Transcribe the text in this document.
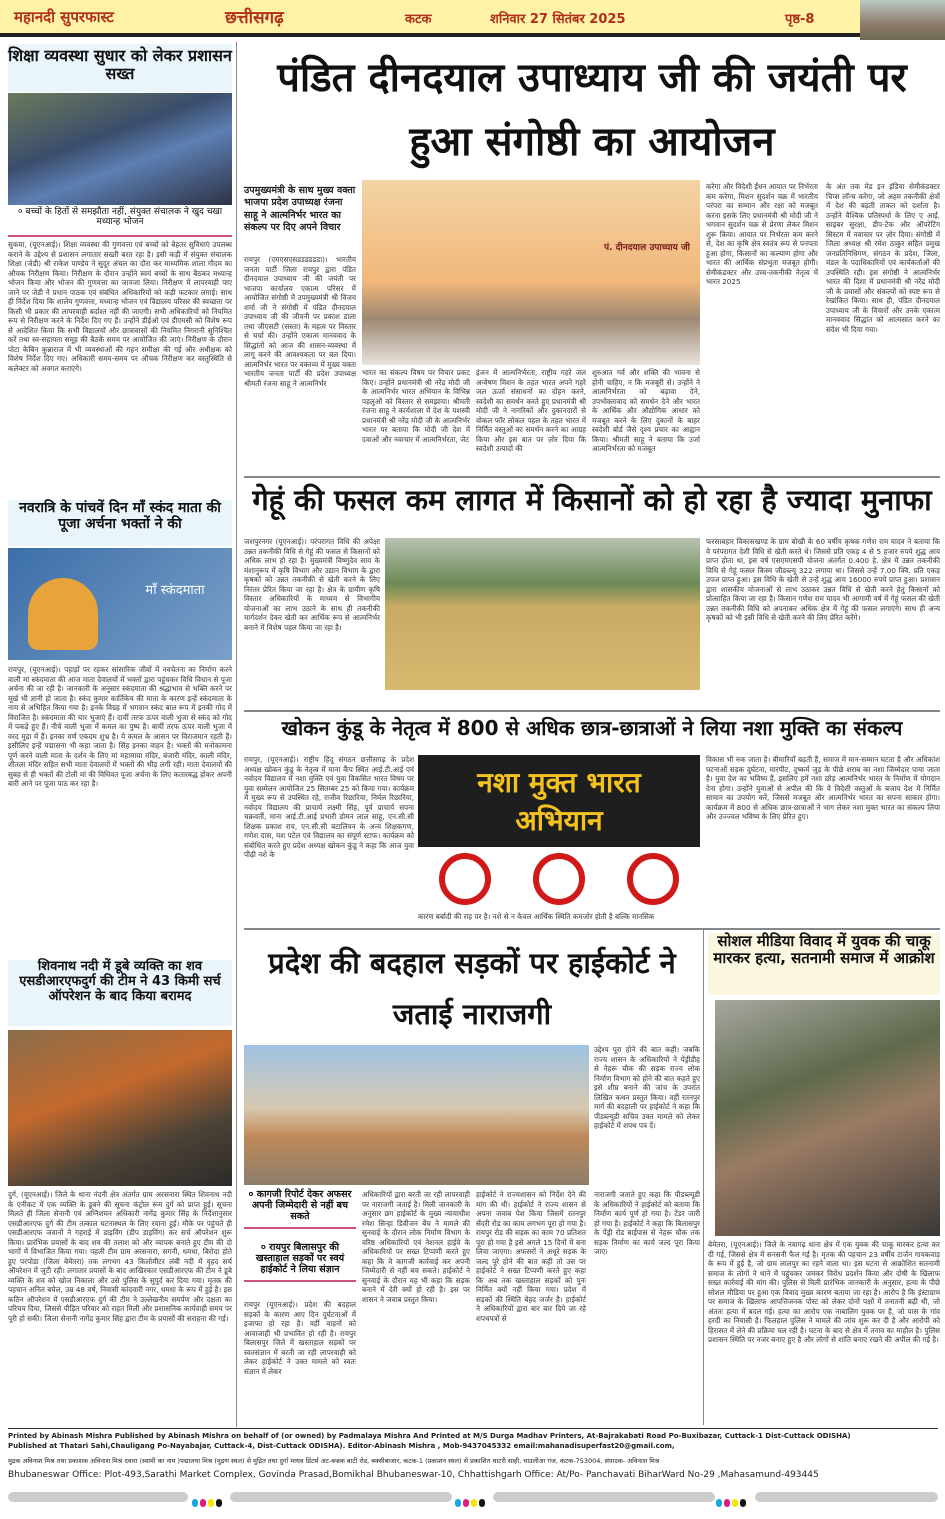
महानदी सुपरफास्ट	छत्तीसगढ़	कटक	शनिवार 27 सितंबर 2025	पृष्ठ-8
शिक्षा व्यवस्था सुधार को लेकर प्रशासन सख्त
० बच्चों के हितों से समझौता नहीं, संयुक्त संचालक ने खुद चखा मध्यान्ह भोजन
सुकमा, (यूएनआई)। शिक्षा व्यवस्था की गुणवत्ता एवं बच्चों को बेहतर सुविधाएं उपलब्ध कराने के उद्देश्य से प्रशासन लगातार सख्ती बरत रहा है। इसी कड़ी में संयुक्त संचालक शिक्षा (जेडी) श्री राकेश पाण्डेय ने सुदूर अंचल का दौरा कर माध्यमिक शाला गौदम का औचक निरीक्षण किया। निरीक्षण के दौरान उन्होंने स्वयं बच्चों के साथ बैठकर मध्यान्ह भोजन किया और भोजन की गुणवत्ता का जायजा लिया। निरीक्षण में लापरवाही पाए जाने पर जेडी ने प्रधान पाठक एवं संबंधित अधिकारियों को कड़ी फटकार लगाई। साथ ही निर्देश दिया कि शालेय गुणवत्ता, मध्यान्ह भोजन एवं विद्यालय परिसर की स्वच्छता पर किसी भी प्रकार की लापरवाही बर्दाश्त नहीं की जाएगी। सभी अधिकारियों को नियमित रूप से निरीक्षण करने के निर्देश दिए गए हैं। उन्होंने डीईओ एवं डीएमसी को विशेष रूप से आदेशित किया कि सभी विद्यालयों और छात्रावासों की नियमित निगरानी सुनिश्चित करें तथा स्व-सहायता समूह की बैठकें समय पर आयोजित की जाएं। निरीक्षण के दौरान पोटा केबिन कुन्नाराज में भी व्यवस्थाओं की गहन समीक्षा की गई और अधीक्षक को विशेष निर्देश दिए गए। अधिकारी समय-समय पर औचक निरीक्षण कर वस्तुस्थिति से कलेक्टर को अवगत कराएंगे।
नवरात्रि के पांचवें दिन माँ स्कंद माता की पूजा अर्चना भक्तों ने की
माँ स्कंदमाता
रायपुर, (यूएनआई)। पहाड़ों पर रहकर सांसारिक जीवों में नवचेतना का निर्माण करने वाली मां स्कंदमाता की आज माता देवालयों में भक्तों द्वारा पहुंचकर विधि विधान से पूजा अर्चना की जा रही है। जानकारी के अनुसार स्कंदमाता की श्रद्धाभाव से भक्ति करने पर मूर्ख भी ज्ञानी हो जाता है। स्कंद कुमार कार्तिकेय की माता के कारण इन्हें स्कंदमाता के नाम से अभिहित किया गया है। इनके विग्रह में भगवान स्कंद बाल रूप में इनकी गोद में विराजित है। स्कंदमाता की चार भुजाएं हैं। दायीं तरफ ऊपर वाली भुजा से स्कंद को गोद में पकड़े हुए हैं। नीचे वाली भुजा में कमल का पुष्प है। बायीं तरफ ऊपर वाली भुजा में वरद मुद्रा में हैं। इनका वर्ण एकदम शुभ्र है। ये कमल के आसन पर विराजमान रहती हैं। इसीलिए इन्हें पद्मासना भी कहा जाता है। सिंह इनका वाहन है। भक्तों की मनोकामना पूर्ण करने वाली माता के दर्शन के लिए मां महामाया मंदिर, बंजारी मंदिर, काली मंदिर, शीतला मंदिर सहित सभी माता देवालयों में भक्तों की भीड़ लगी रही। माता देवालयों की सुबह से ही भक्तों की टोली मां की विधिवत पूजा अर्चना के लिए कतारबद्ध होकर अपनी बारी आने पर पूजा पाठ कर रहा है।
शिवनाथ नदी में डूबे व्यक्ति का शव एसडीआरएफदुर्ग की टीम ने 43 किमी सर्च ऑपरेशन के बाद किया बरामद
दुर्ग, (यूएनआई)। जिले के थाना नंदनी क्षेत्र अंतर्गत ग्राम अरसनारा स्थित शिवनाथ नदी के एनीकट में एक व्यक्ति के डूबने की सूचना कंट्रोल रूम दुर्ग को प्राप्त हुई। सूचना मिलते ही जिला सेनानी एवं अग्निशमन अधिकारी नागेंद्र कुमार सिंह के निर्देशानुसार एसडीआरएफ दुर्ग की टीम तत्काल घटनास्थल के लिए रवाना हुई। मौके पर पहुंचते ही एसडीआरएफ जवानों ने गहराई में डाइविंग (डीप डाइविंग) कर सर्च ऑपरेशन शुरू किया। प्रारंभिक प्रयासों के बाद शव की तलाश को और व्यापक बनाते हुए टीम की दो भागों में विभाजित किया गया। पहली टीम ग्राम अरसनारा, सगनी, धमधा, बिरोदा होते हुए परपोडा (जिला बेमेतरा) तक लगभग 43 किलोमीटर लंबी नदी में वृहद सर्च ऑपरेशन में जुटी रही। लगातार प्रयासों के बाद आखिरकार एसडीआरएफ की टीम ने डूबे व्यक्ति के शव को खोज निकाला और उसे पुलिस के सुपुर्द कर दिया गया। मृतक की पहचान अनिल बघेल, उम्र 48 वर्ष, निवासी कांदवारी नगर, धमधा के रूप में हुई है। इस कठिन ऑपरेशन में एसडीआरएफ दुर्ग की टीम ने उल्लेखनीय समर्पण और दक्षता का परिचय दिया, जिससे पीड़ित परिवार को राहत मिली और प्रशासनिक कार्यवाही समय पर पूरी हो सकी। जिला सेनानी नागेंद्र कुमार सिंह द्वारा टीम के प्रयासों की सराहना की गई।
पंडित दीनदयाल उपाध्याय जी की जयंती पर हुआ संगोष्ठी का आयोजन
उपमुख्यमंत्री के साथ मुख्य वक्ता भाजपा प्रदेश उपाध्यक्ष रंजना साहू ने आत्मनिर्भर भारत का संकल्प पर दिए अपने विचार
पं. दीनदयाल उपाध्याय जी
रायपुर (एमएसएसडडडडडडा)। भारतीय जनता पार्टी जिला रायपुर द्वारा पंडित दीनदयाल उपाध्याय जी की जयंती पर भाजपा कार्यालय एकात्म परिसर में आयोजित संगोष्ठी में उपमुख्यमंत्री श्री विजय शर्मा जी ने संगोष्ठी में पंडित दीनदयाल उपाध्याय जी की जीवनी पर प्रकाश डाला तथा जीएसटी (सस्ता) के महत्व पर विस्तार से चर्चा की। उन्होंने एकात्म मानववाद के सिद्धांतों को आज की शासन-व्यवस्था में लागू करने की आवश्यकता पर बल दिया। आत्मनिर्भर भारत पर वक्तव्य में मुख्य वक्ता भारतीय जनता पार्टी की प्रदेश उपाध्यक्ष श्रीमती रंजना साहू ने आत्मनिर्भर
भारत का संकल्प विषय पर विचार प्रकट किए। उन्होंने प्रधानमंत्री श्री नरेंद्र मोदी जी के आत्मनिर्भर भारत अभियान के विभिन्न पहलुओं को विस्तार से समझाया। श्रीमती रंजना साहू ने कार्यशाला में देश के यशस्वी प्रधानमंत्री श्री नरेंद्र मोदी जी के आत्मनिर्भर भारत पर बताया कि मोदी जी देश में दवाओं और नवाचार में आत्मनिर्भरता, जेट
इंजन में आत्मनिर्भरता, राष्ट्रीय गहरे जल अन्वेषण मिशन के तहत भारत अपने गहरे जल ऊर्जा संसाधनों का दोहन करने, स्वदेशी का समर्थन करते हुए प्रधानमंत्री श्री मोदी जी ने नागरिकों और दुकानदारों से वोकल फॉर लोकल पहल के तहत भारत में निर्मित वस्तुओं का समर्थन करने का आग्रह किया और इस बात पर ज़ोर दिया कि स्वदेशी उत्पादों की
शुरुआत गर्व और शक्ति की भावना से होनी चाहिए, न कि मजबूरी से। उन्होंने ने आत्मनिर्भरता को बढ़ावा देने, उपभोक्तावाद को समर्थन देने और भारत के आर्थिक और औद्योगिक आधार को मजबूत करने के लिए दुकानों के बाहर स्वदेशी बोर्ड जैसे दृश्य प्रचार का आह्वान किया। श्रीमती साहू ने बताया कि उर्जा आत्मनिर्भरता को मजबूत
करेगा और विदेशी ईंधन आयात पर निर्भरता कम करेगा, मिशन सुदर्शन चक्र में भारतीय परंपरा का सम्मान और रक्षा को मजबूत करना इसके लिए प्रधानमंत्री श्री मोदी जी ने भगवान सुदर्शन चक्र से प्रेरणा लेकर मिशन शुरू किया। आयात पर निर्भरता कम करने से, देश का कृषि क्षेत्र स्वतंत्र रूप से पनपता हुआ होगा, किसानों का कल्याण होगा और भारत की आर्थिक संप्रभुता मजबूत होगी। सेमीकंडक्टर और उच्च-तकनीकी नेतृत्व में भारत 2025
के अंत तक मेड इन इंडिया सेमीकंडक्टर चिप्स लॉन्च करेगा, जो अहम तकनीकी क्षेत्रों में देश की बढ़ती ताकत को दर्शाता है। उन्होंने वैश्विक प्रतिस्पर्धा के लिए ए आई, साइबर सुरक्षा, डीप-टेक और ऑपरेटिंग सिस्टम में नवाचार पर ज़ोर दिया। संगोष्ठी में जिला अध्यक्ष श्री रमेश ठाकुर सहित प्रमुख जनप्रतिनिधिगण, संगठन के प्रदेश, जिला, मंडल के पदाधिकारियों एवं कार्यकर्ताओं की उपस्थिति रही। इस संगोष्ठी ने आत्मनिर्भर भारत की दिशा में प्रधानमंत्री श्री नरेंद्र मोदी जी के प्रयासों और संकल्पों को स्पष्ट रूप से रेखांकित किया। साथ ही, पंडित दीनदयाल उपाध्याय जी के विचारों और उनके एकात्म मानववाद सिद्धांत को आत्मसात करने का संदेश भी दिया गया।
गेहूं की फसल कम लागत में किसानों को हो रहा है ज्यादा मुनाफा
जशपुरनगर (यूएनआई)। परंपरागत विधि की अपेक्षा उन्नत तकनीकी विधि से गेहूं की फसल से किसानों को अधिक लाभ हो रहा है। मुख्यमंत्री विष्णुदेव साय के मंशानुरूप में कृषि विभाग और उद्यान विभाग के द्वारा कृषकों को उन्नत तकनीकी से खेती करने के लिए निरंतर प्रेरित किया जा रहा है। क्षेत्र के ग्रामीण कृषि विस्तार अधिकारियों के माध्यम से विभागीय योजनाओं का लाभ उठाने के साथ ही तकनीकी मार्गदर्शन देकर खेती कर आर्थिक रूप से आत्मनिर्भर बनाने में विशेष पहल किया जा रहा है।
फरसाबहार विकासखण्ड के ग्राम बोखी के 60 वर्षीय कृषक गणेश राम यादव ने बताया कि वे परंपरागत देशी विधि से खेती करते थे। जिससे प्रति एकड़ 4 से 5 हजार रुपये शुद्ध आय प्राप्त होता था, इस वर्ष एसएमएसपी योजना अंतर्गत 0.400 हे. क्षेत्र में उन्नत तकनीकी विधि से गेहूं फसल किस्म जीडब्ल्यू 322 लगाया था। जिससे उन्हें 7.00 क्वि. प्रति एकड़ उपज प्राप्त हुआ। इस विधि के खेती से उन्हें शुद्ध आय 16000 रुपये प्राप्त हुआ। प्रशासन द्वारा शासकीय योजनाओं से लाभ उठाकर उन्नत विधि से खेती करने हेतु किसानों को प्रोत्साहित किया जा रहा है। किसान गणेश राम यादव भी आगामी वर्ष में गेहूं फसल की खेती उन्नत तकनीकी विधि को अपनाकर अधिक क्षेत्र में गेहूं की फसल लगाएंगे। साथ ही अन्य कृषकों को भी इसी विधि से खेती करने की लिए प्रेरित करेंगे।
खोकन कुंडू के नेतृत्व में 800 से अधिक छात्र-छात्राओं ने लिया नशा मुक्ति का संकल्प
रायपुर, (यूएनआई)। राष्ट्रीय हिंदू संगठन छत्तीसगढ़ के प्रदेश अध्यक्ष खोकन कुंडू के नेतृत्व में माना कैंप स्थित आई.टी.आई एवं नवोदय विद्यालय में नशा मुक्ति एवं युवा विकसित भारत विषय पर युवा सम्मेलन आयोजित 25 सितम्बर 25 को किया गया। कार्यक्रम में मुख्य रूप से उपस्थित रहे, राजीव रिछारिया, निर्मल रिछारिया, नवोदय विद्यालय की प्राचार्य लक्ष्मी सिंह, पूर्व प्राचार्य सपना चक्रवर्ती, माना आई.टी.आई प्रभारी डोमन लाल साहू, एन.सी.सी शिक्षक प्रकाश राय, एन.सी.सी बटालियन के अन्य शिक्षकगण, गणेश दास, यश पटेल एवं विद्यालय का संपूर्ण स्टाफ। कार्यक्रम को संबोधित करते हुए प्रदेश अध्यक्ष खोकन कुंडू ने कहा कि आज युवा पीढ़ी नशे के
नशा मुक्त भारत
अभियान
कारण बर्बादी की राह पर है। नशे से न केवल आर्थिक स्थिति कमजोर होती है बल्कि मानसिक
विकास भी रुक जाता है। बीमारियाँ बढ़ती हैं, समाज में मान-सम्मान घटता है और अधिकांश घटनाओं सड़क दुर्घटना, मारपीट, दुष्कर्म जुड़ के पीछे शराब का नशा जिम्मेदार पाया जाता है। युवा देश का भविष्य हैं, इसलिए हमें नशा छोड़ आत्मनिर्भर भारत के निर्माण में योगदान देना होगा। उन्होंने युवाओं से अपील की कि वे विदेशी वस्तुओं के बजाय देश में निर्मित सामान का उपयोग करें, जिससे मजबूत और आत्मनिर्भर भारत का सपना साकार होगा। कार्यक्रम में 800 से अधिक छात्र-छात्राओं ने भाग लेकर नशा मुक्त भारत का संकल्प लिया और उज्ज्वल भविष्य के लिए प्रेरित हुए।
प्रदेश की बदहाल सड़कों पर हाईकोर्ट ने जताई नाराजगी
उद्देश्य पूरा होने की बात कही। जबकि राज्य शासन के अधिकारियों ने पेंड्रीडीह से नेहरू चौक की सड़क राज्य लोक निर्माण विभाग को होने की बात कहते हुए इसे शीघ्र बनाने की जांच के उपरांत लिखित कथन प्रस्तुत किया। वहीं रतनपुर मार्ग की बदहाली पर हाईकोर्ट ने कहा कि पीडब्ल्यूडी सचिव उक्त मामले को लेकर हाईकोर्ट में शपथ पत्र दें।
० कागजी रिपोर्ट देकर अफसर अपनी जिम्मेदारी से नहीं बच सकते
० रायपुर बिलासपुर की खस्ताहाल सड़कों पर स्वयं हाईकोर्ट ने लिया संज्ञान
रायपुर (यूएनआई)। प्रदेश की बदहाल सड़कों के कारण आए दिन दुर्घटनाओं में इजाफा हो रहा है। वहीं वाहनों को आवाजाही भी प्रभावित हो रही है। रायपुर बिलासपुर जिले में खस्ताहाल सड़कों पर स्वतसंज्ञान में बरती जा रही लापरवाही को लेकर हाईकोर्ट ने उक्त मामले को स्वतः संज्ञान में लेकर
अधिकारियों द्वारा बरती जा रही लापरवाही पर नाराजगी जताई है। मिली जानकारी के अनुसार छग हाईकोर्ट के मुख्य न्यायाधीश रमेश सिन्हा डिवीजन बेंच ने मामले की सुनवाई के दौरान लोक निर्माण विभाग के वरिष्ठ अधिकारियों एवं नेशनल हाईवे के अधिकारियों पर सख्त टिप्पणी करते हुए कहा कि वे कागजी कार्रवाई कर अपनी जिम्मेदारी से नहीं बच सकते। हाईकोर्ट ने सुनवाई के दौरान यह भी कहा कि सड़क बनाने में देरी क्यों हो रही है। इस पर शासन ने जवाब प्रस्तुत किया।
हाईकोर्ट ने राज्यशासन को निर्देश देने की मांग की थी। हाईकोर्ट ने राज्य शासन से अपना जवाब पेश किया जिसमें रतनपुर सेंदरी रोड का काम लगभग पूरा हो गया है। रायपुर रोड की सड़क का काम 70 प्रतिशत पूरा हो गया है इसे अगले 15 दिनों में बना लिया जाएगा। अफसरों ने अधूरे सड़क के जल्द पूरे होने की बात कही तो उस पर हाईकोर्ट ने सख्त टिप्पणी करते हुए कहा कि अब तक खस्ताहाल सड़कों को पुनः निर्मित क्यों नहीं किया गया। प्रदेश में सड़कों की स्थिति बेहद जर्जर है। हाईकोर्ट ने अधिकारियों द्वारा बार बार दिये जा रहे शपथपत्रों से
नाराजगी जताते हुए कहा कि पीडब्ल्यूडी के अधिकारियों ने हाईकोर्ट को बताया कि निर्माण कार्य पूर्ण हो गया है। टेंडर जारी हो गया है। हाईकोर्ट ने कहा कि बिलासपुर के पेंड्री रोड बाईपास से नेहरू चौक तक सड़क निर्माण का कार्य जल्द पूरा किया जाए।
सोशल मीडिया विवाद में युवक की चाकू मारकर हत्या, सतनामी समाज में आक्रोश
बेमेतरा, (यूएनआई)। जिले के नवागढ़ थाना क्षेत्र में एक युवक की चाकू मारकर हत्या कर दी गई, जिससे क्षेत्र में सनसनी फैल गई है। मृतक की पहचान 23 वर्षीय टार्जन गायकवाड़ के रूप में हुई है, जो ग्राम लालपुर का रहने वाला था। इस घटना से आक्रोशित सतनामी समाज के लोगों ने थाने में पहुंचकर जमकर विरोध प्रदर्शन किया और दोषी के खिलाफ सख्त कार्रवाई की मांग की। पुलिस से मिली प्रारंभिक जानकारी के अनुसार, हत्या के पीछे सोशल मीडिया पर हुआ एक विवाद मुख्य कारण बताया जा रहा है। आरोप है कि इंस्टाग्राम पर समाज के खिलाफ आपत्तिजनक पोस्ट को लेकर दोनों पक्षों में तनातनी बढ़ी थी, जो अंततः हत्या में बदल गई। हत्या का आरोप एक नाबालिग युवक पर है, जो पास के गांव हरदी का निवासी है। फिलहाल पुलिस ने मामले की जांच शुरू कर दी है और आरोपी को हिरासत में लेने की प्रक्रिया चल रही है। घटना के बाद से क्षेत्र में तनाव का माहौल है। पुलिस प्रशासन स्थिति पर नजर बनाए हुए है और लोगों से शांति बनाए रखने की अपील की गई है।
Printed by Abinash Mishra Published by Abinash Mishra on behalf of (or owned) by Padmalaya Mishra And Printed at M/S Durga Madhav Printers, At-Bajrakabati Road Po-Buxibazar, Cuttack-1 Dist-Cuttack ODISHA)
Published at Thatari Sahi,Chauligang Po-Nayabajar, Cuttack-4, Dist-Cuttack ODISHA). Editor-Abinash Mishra , Mob-9437045332 email:mahanadisuperfast20@gmail.com,
मुद्रक अविनाश मिश्र तथा प्रकाशक अविनाश मिश्र दवारा (स्वामी का नाम )पद्मालया मिश्र (मुद्रण स्थल) से मुद्रित तथा दुर्गा माधव प्रिंटर्स अट-बज्रक बाटी रोड, बक्सीबाजार, कटक-1 (प्रकाशन स्थल) से प्रकाशित थाटरी साही, चाउलीआ गंज, कटक-753004, संपादक- अविनाश मिश्र
Bhubaneswar Office: Plot-493,Sarathi Market Complex, Govinda Prasad,Bomikhal Bhubaneswar-10, Chhattishgarh Office: At/Po- Panchavati BiharWard No-29 ,Mahasamund-493445
